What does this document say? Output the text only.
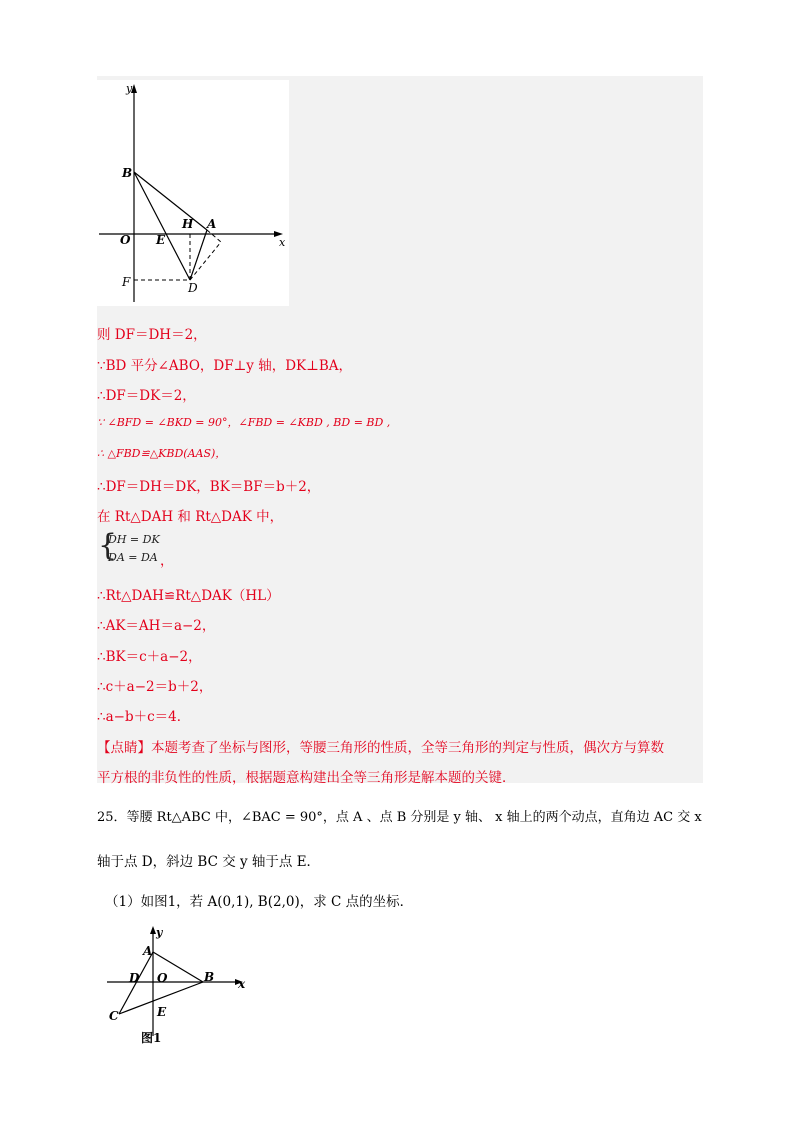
y
x
B
H A
O E
F	D
则 DF＝DH＝2，
∵BD 平分∠ABO，DF⊥y 轴，DK⊥BA，
∴DF＝DK＝2，
∵ ∠BFD = ∠BKD = 90°，∠FBD = ∠KBD , BD = BD ,
∴ △FBD≌△KBD(AAS)，
∴DF＝DH＝DK，BK＝BF＝b＋2，
在 Rt△DAH 和 Rt△DAK 中，
{
DH = DK
DA = DA ，
∴Rt△DAH≌Rt△DAK（HL）
∴AK＝AH＝a−2，
∴BK＝c＋a−2，
∴c＋a−2＝b＋2，
∴a−b＋c＝4．
【点睛】本题考查了坐标与图形，等腰三角形的性质，全等三角形的判定与性质，偶次方与算数
平方根的非负性的性质，根据题意构建出全等三角形是解本题的关键．
25．等腰 Rt△ABC 中，∠BAC = 90°，点 A 、点 B 分别是 y 轴、 x 轴上的两个动点，直角边 AC 交 x
轴于点 D，斜边 BC 交 y 轴于点 E．
（1）如图1，若 A(0,1), B(2,0)，求 C 点的坐标．
y
A
D O	B x
C	E
图1
